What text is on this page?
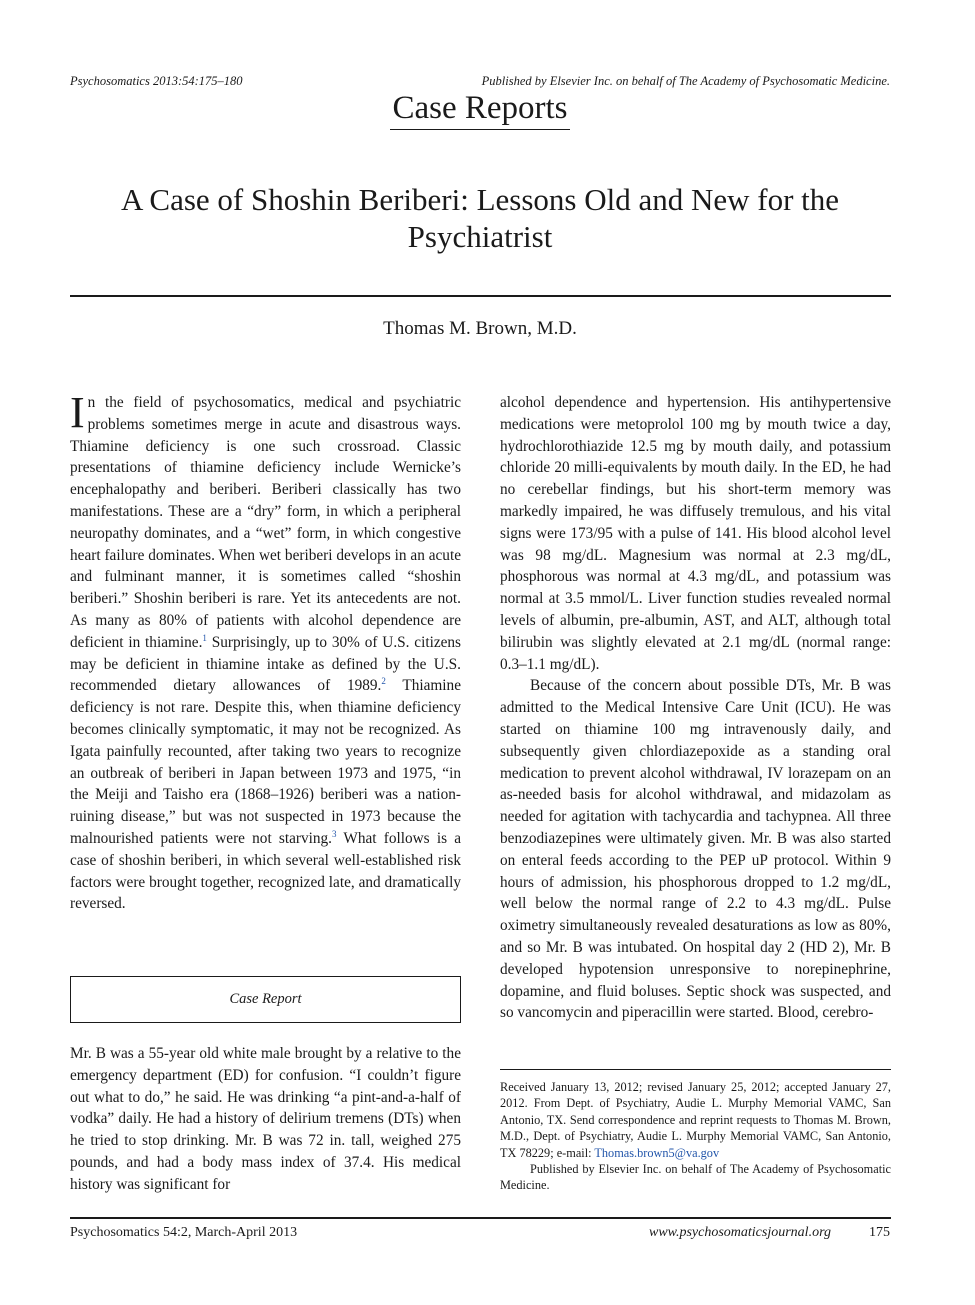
Psychosomatics 2013:54:175–180	Published by Elsevier Inc. on behalf of The Academy of Psychosomatic Medicine.
Case Reports
A Case of Shoshin Beriberi: Lessons Old and New for the Psychiatrist
Thomas M. Brown, M.D.

In the field of psychosomatics, medical and psychiatric problems sometimes merge in acute and disastrous ways. Thiamine deficiency is one such crossroad. Classic presentations of thiamine deficiency include Wernicke’s encephalopathy and beriberi. Beriberi classically has two manifestations. These are a “dry” form, in which a peripheral neuropathy dominates, and a “wet” form, in which congestive heart failure dominates. When wet beriberi develops in an acute and fulminant manner, it is sometimes called “shoshin beriberi.” Shoshin beriberi is rare. Yet its antecedents are not. As many as 80% of patients with alcohol dependence are deficient in thiamine.$^1$ Surprisingly, up to 30% of U.S. citizens may be deficient in thiamine intake as defined by the U.S. recommended dietary allowances of 1989.$^2$ Thiamine deficiency is not rare. Despite this, when thiamine deficiency becomes clinically symptomatic, it may not be recognized. As Igata painfully recounted, after taking two years to recognize an outbreak of beriberi in Japan between 1973 and 1975, “in the Meiji and Taisho era (1868–1926) beriberi was a nation-ruining disease,” but was not suspected in 1973 because the malnourished patients were not starving.$^3$ What follows is a case of shoshin beriberi, in which several well-established risk factors were brought together, recognized late, and dramatically reversed.

Case Report

Mr. B was a 55-year old white male brought by a relative to the emergency department (ED) for confusion. “I couldn’t figure out what to do,” he said. He was drinking “a pint-and-a-half of vodka” daily. He had a history of delirium tremens (DTs) when he tried to stop drinking. Mr. B was 72 in. tall, weighed 275 pounds, and had a body mass index of 37.4. His medical history was significant for

alcohol dependence and hypertension. His antihypertensive medications were metoprolol 100 mg by mouth twice a day, hydrochlorothiazide 12.5 mg by mouth daily, and potassium chloride 20 milli-equivalents by mouth daily. In the ED, he had no cerebellar findings, but his short-term memory was markedly impaired, he was diffusely tremulous, and his vital signs were 173/95 with a pulse of 141. His blood alcohol level was 98 mg/dL. Magnesium was normal at 2.3 mg/dL, phosphorous was normal at 4.3 mg/dL, and potassium was normal at 3.5 mmol/L. Liver function studies revealed normal levels of albumin, pre-albumin, AST, and ALT, although total bilirubin was slightly elevated at 2.1 mg/dL (normal range: 0.3–1.1 mg/dL).

Because of the concern about possible DTs, Mr. B was admitted to the Medical Intensive Care Unit (ICU). He was started on thiamine 100 mg intravenously daily, and subsequently given chlordiazepoxide as a standing oral medication to prevent alcohol withdrawal, IV lorazepam on an as-needed basis for alcohol withdrawal, and midazolam as needed for agitation with tachycardia and tachypnea. All three benzodiazepines were ultimately given. Mr. B was also started on enteral feeds according to the PEP uP protocol. Within 9 hours of admission, his phosphorous dropped to 1.2 mg/dL, well below the normal range of 2.2 to 4.3 mg/dL. Pulse oximetry simultaneously revealed desaturations as low as 80%, and so Mr. B was intubated. On hospital day 2 (HD 2), Mr. B developed hypotension unresponsive to norepinephrine, dopamine, and fluid boluses. Septic shock was suspected, and so vancomycin and piperacillin were started. Blood, cerebro-

Received January 13, 2012; revised January 25, 2012; accepted January 27, 2012. From Dept. of Psychiatry, Audie L. Murphy Memorial VAMC, San Antonio, TX. Send correspondence and reprint requests to Thomas M. Brown, M.D., Dept. of Psychiatry, Audie L. Murphy Memorial VAMC, San Antonio, TX 78229; e-mail: Thomas.brown5@va.gov

Published by Elsevier Inc. on behalf of The Academy of Psychosomatic Medicine.

Psychosomatics 54:2, March-April 2013	www.psychosomaticsjournal.org	175
